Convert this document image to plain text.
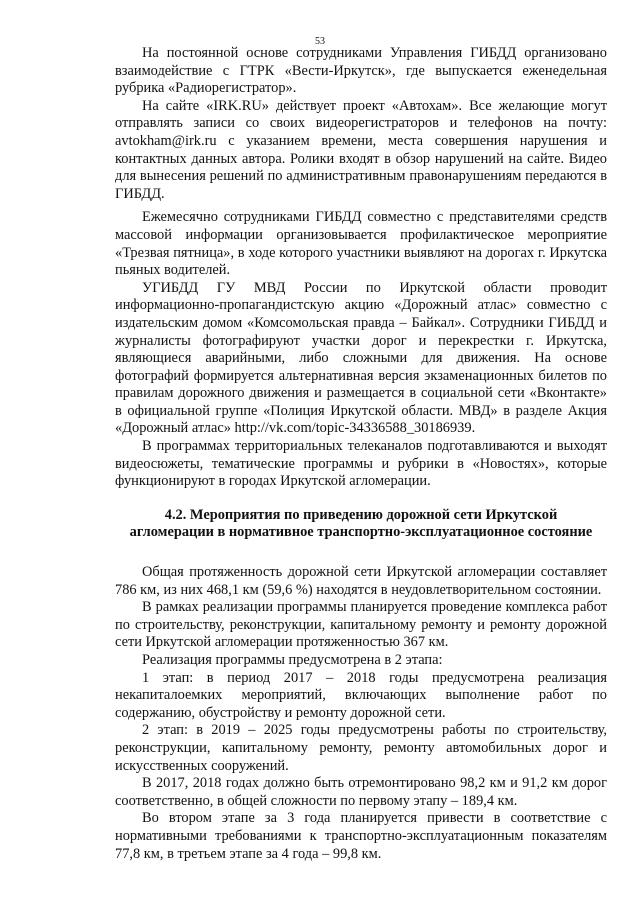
53

На постоянной основе сотрудниками Управления ГИБДД организовано взаимодействие с ГТРК «Вести-Иркутск», где выпускается еженедельная рубрика «Радиорегистратор».

На сайте «IRK.RU» действует проект «Автохам». Все желающие могут отправлять записи со своих видеорегистраторов и телефонов на почту: avtokham@irk.ru с указанием времени, места совершения нарушения и контактных данных автора. Ролики входят в обзор нарушений на сайте. Видео для вынесения решений по административным правонарушениям передаются в ГИБДД.

Ежемесячно сотрудниками ГИБДД совместно с представителями средств массовой информации организовывается профилактическое мероприятие «Трезвая пятница», в ходе которого участники выявляют на дорогах г. Иркутска пьяных водителей.

УГИБДД ГУ МВД России по Иркутской области проводит информационно-пропагандистскую акцию «Дорожный атлас» совместно с издательским домом «Комсомольская правда – Байкал». Сотрудники ГИБДД и журналисты фотографируют участки дорог и перекрестки г. Иркутска, являющиеся аварийными, либо сложными для движения. На основе фотографий формируется альтернативная версия экзаменационных билетов по правилам дорожного движения и размещается в социальной сети «Вконтакте» в официальной группе «Полиция Иркутской области. МВД» в разделе Акция «Дорожный атлас» http://vk.com/topic-34336588_30186939.

В программах территориальных телеканалов подготавливаются и выходят видеосюжеты, тематические программы и рубрики в «Новостях», которые функционируют в городах Иркутской агломерации.

4.2. Мероприятия по приведению дорожной сети Иркутской
агломерации в нормативное транспортно-эксплуатационное состояние

Общая протяженность дорожной сети Иркутской агломерации составляет 786 км, из них 468,1 км (59,6 %) находятся в неудовлетворительном состоянии.

В рамках реализации программы планируется проведение комплекса работ по строительству, реконструкции, капитальному ремонту и ремонту дорожной сети Иркутской агломерации протяженностью 367 км.

Реализация программы предусмотрена в 2 этапа:

1 этап: в период 2017 – 2018 годы предусмотрена реализация некапиталоемких мероприятий, включающих выполнение работ по содержанию, обустройству и ремонту дорожной сети.

2 этап: в 2019 – 2025 годы предусмотрены работы по строительству, реконструкции, капитальному ремонту, ремонту автомобильных дорог и искусственных сооружений.

В 2017, 2018 годах должно быть отремонтировано 98,2 км и 91,2 км дорог соответственно, в общей сложности по первому этапу – 189,4 км.

Во втором этапе за 3 года планируется привести в соответствие с нормативными требованиями к транспортно-эксплуатационным показателям 77,8 км, в третьем этапе за 4 года – 99,8 км.
